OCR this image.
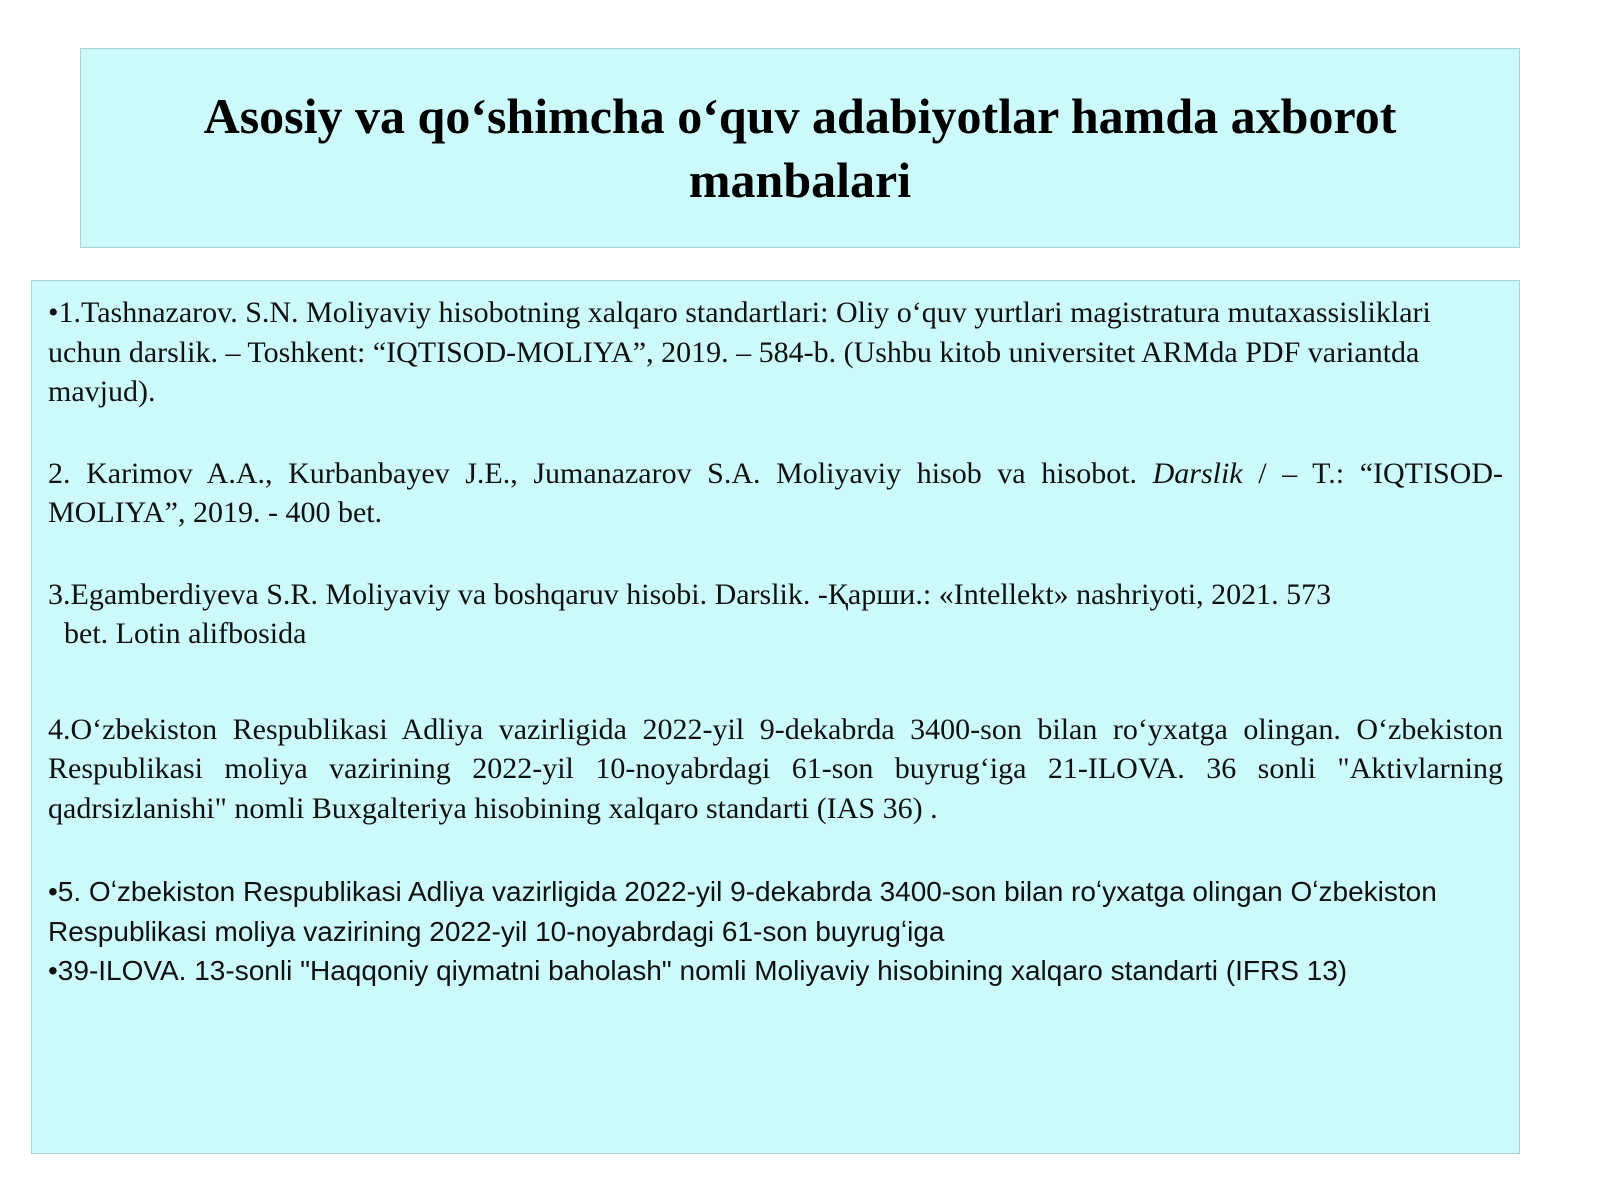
Asosiy va qoʻshimcha oʻquv adabiyotlar hamda axborot manbalari

•1.Tashnazarov. S.N. Moliyaviy hisobotning xalqaro standartlari: Oliy oʻquv yurtlari magistratura mutaxassisliklari uchun darslik. – Toshkent: “IQTISOD-MOLIYA”, 2019. – 584-b. (Ushbu kitob universitet ARMda PDF variantda mavjud).

2. Karimov A.A., Kurbanbayev J.E., Jumanazarov S.A. Moliyaviy hisob va hisobot. Darslik / – T.: “IQTISOD-MOLIYA”, 2019. - 400 bet.

3.Egamberdiyeva S.R. Moliyaviy va boshqaruv hisobi. Darslik. -Қарши.: «Intellekt» nashriyoti, 2021. 573
bet. Lotin alifbosida

4.Oʻzbekiston Respublikasi Adliya vazirligida 2022-yil 9-dekabrda 3400-son bilan roʻyxatga olingan. Oʻzbekiston Respublikasi moliya vazirining 2022-yil 10-noyabrdagi 61-son buyrugʻiga 21-ILOVA. 36 sonli "Aktivlarning qadrsizlanishi" nomli Buxgalteriya hisobining xalqaro standarti (IAS 36) .

•5. Oʻzbekiston Respublikasi Adliya vazirligida 2022-yil 9-dekabrda 3400-son bilan roʻyxatga olingan Oʻzbekiston Respublikasi moliya vazirining 2022-yil 10-noyabrdagi 61-son buyrugʻiga

•39-ILOVA. 13-sonli "Haqqoniy qiymatni baholash" nomli Moliyaviy hisobining xalqaro standarti (IFRS 13)
